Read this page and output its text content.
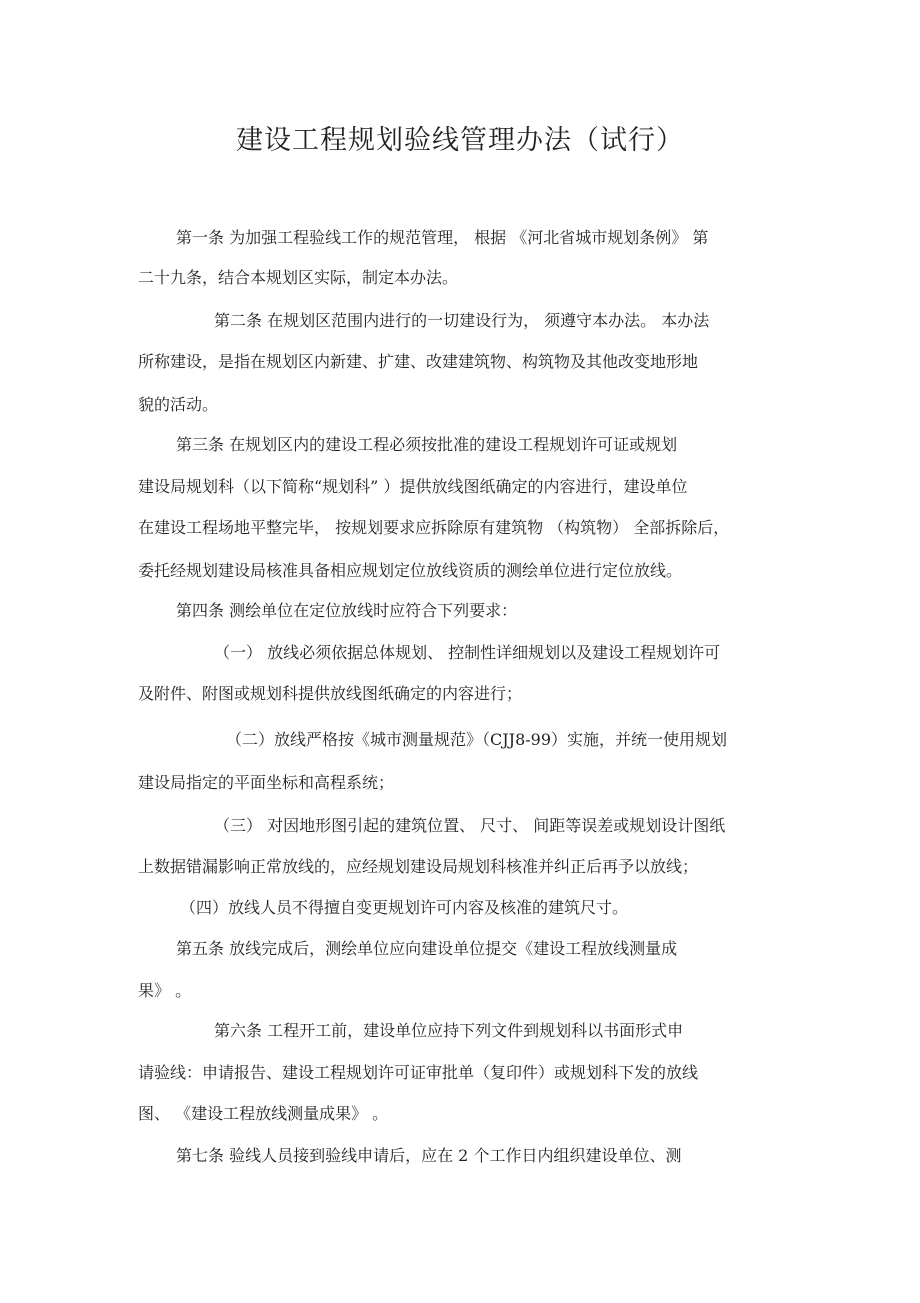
建设工程规划验线管理办法（试行）
第一条 为加强工程验线工作的规范管理， 根据 《河北省城市规划条例》 第
二十九条，结合本规划区实际，制定本办法。
第二条 在规划区范围内进行的一切建设行为， 须遵守本办法。 本办法
所称建设，是指在规划区内新建、扩建、改建建筑物、构筑物及其他改变地形地
貌的活动。
第三条 在规划区内的建设工程必须按批准的建设工程规划许可证或规划
建设局规划科（以下简称“规划科” ）提供放线图纸确定的内容进行，建设单位
在建设工程场地平整完毕， 按规划要求应拆除原有建筑物 （构筑物） 全部拆除后，
委托经规划建设局核准具备相应规划定位放线资质的测绘单位进行定位放线。
第四条 测绘单位在定位放线时应符合下列要求：
（一） 放线必须依据总体规划、 控制性详细规划以及建设工程规划许可
及附件、附图或规划科提供放线图纸确定的内容进行；
（二）放线严格按《城市测量规范》（CJJ8-99）实施，并统一使用规划
建设局指定的平面坐标和高程系统；
（三） 对因地形图引起的建筑位置、 尺寸、 间距等误差或规划设计图纸
上数据错漏影响正常放线的，应经规划建设局规划科核准并纠正后再予以放线；
（四）放线人员不得擅自变更规划许可内容及核准的建筑尺寸。
第五条 放线完成后，测绘单位应向建设单位提交《建设工程放线测量成
果》 。
第六条 工程开工前，建设单位应持下列文件到规划科以书面形式申
请验线：申请报告、建设工程规划许可证审批单（复印件）或规划科下发的放线
图、 《建设工程放线测量成果》 。
第七条 验线人员接到验线申请后，应在 2 个工作日内组织建设单位、测
